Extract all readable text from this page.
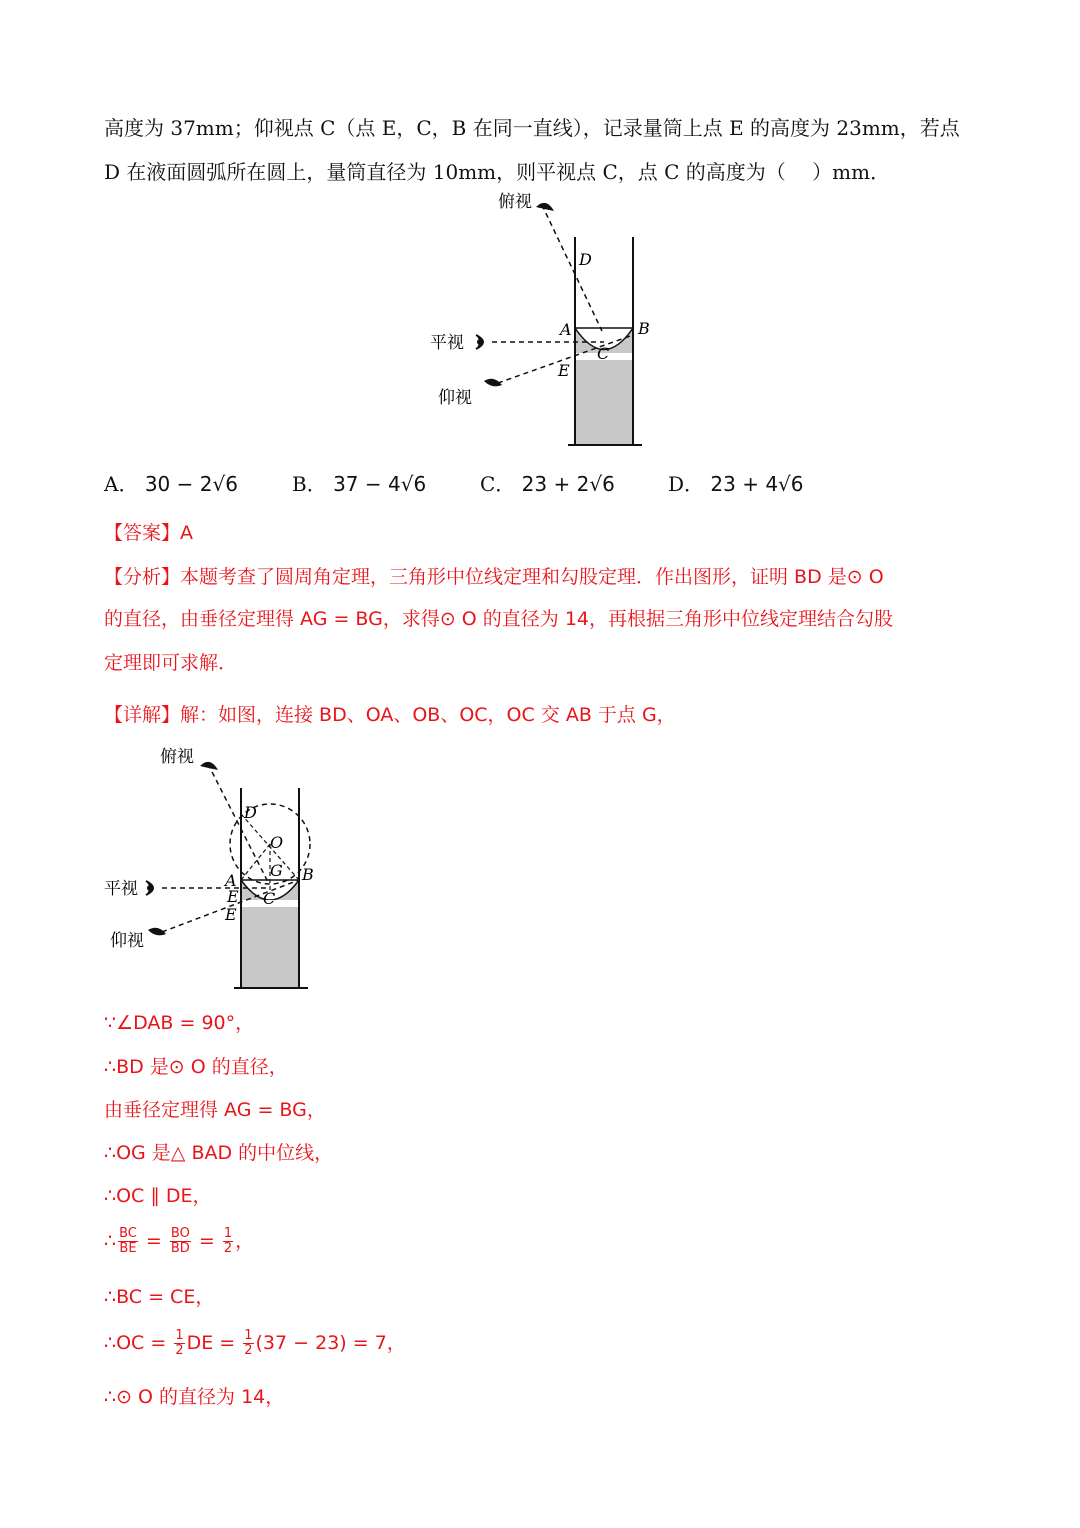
高度为 37mm；仰视点 C（点 E，C，B 在同一直线），记录量筒上点 E 的高度为 23mm，若点
D 在液面圆弧所在圆上，量筒直径为 10mm，则平视点 C，点 C 的高度为（　 ）mm．
俯视
平视
仰视
D
A	B
C
E
A． 30 − 2√6	B． 37 − 4√6	C． 23 + 2√6	D． 23 + 4√6
【答案】A
【分析】本题考查了圆周角定理，三角形中位线定理和勾股定理．作出图形，证明 BD 是⊙ O
的直径，由垂径定理得 AG = BG，求得⊙ O 的直径为 14，再根据三角形中位线定理结合勾股
定理即可求解．
【详解】解：如图，连接 BD、OA、OB、OC，OC 交 AB 于点 G，
俯视
平视
仰视
D
O
G
A	B
C
E
E
∵∠DAB = 90°，
∴BD 是⊙ O 的直径，
由垂径定理得 AG = BG，
∴OG 是△ BAD 的中位线，
∴OC ∥ DE，
∴ $\frac{BC}{BE} = \frac{BO}{BD} = \frac{1}{2}$ ，
∴BC = CE，
∴OC = $\frac{1}{2}$ DE = $\frac{1}{2} (37 - 23) = 7$，
∴⊙ O 的直径为 14，
